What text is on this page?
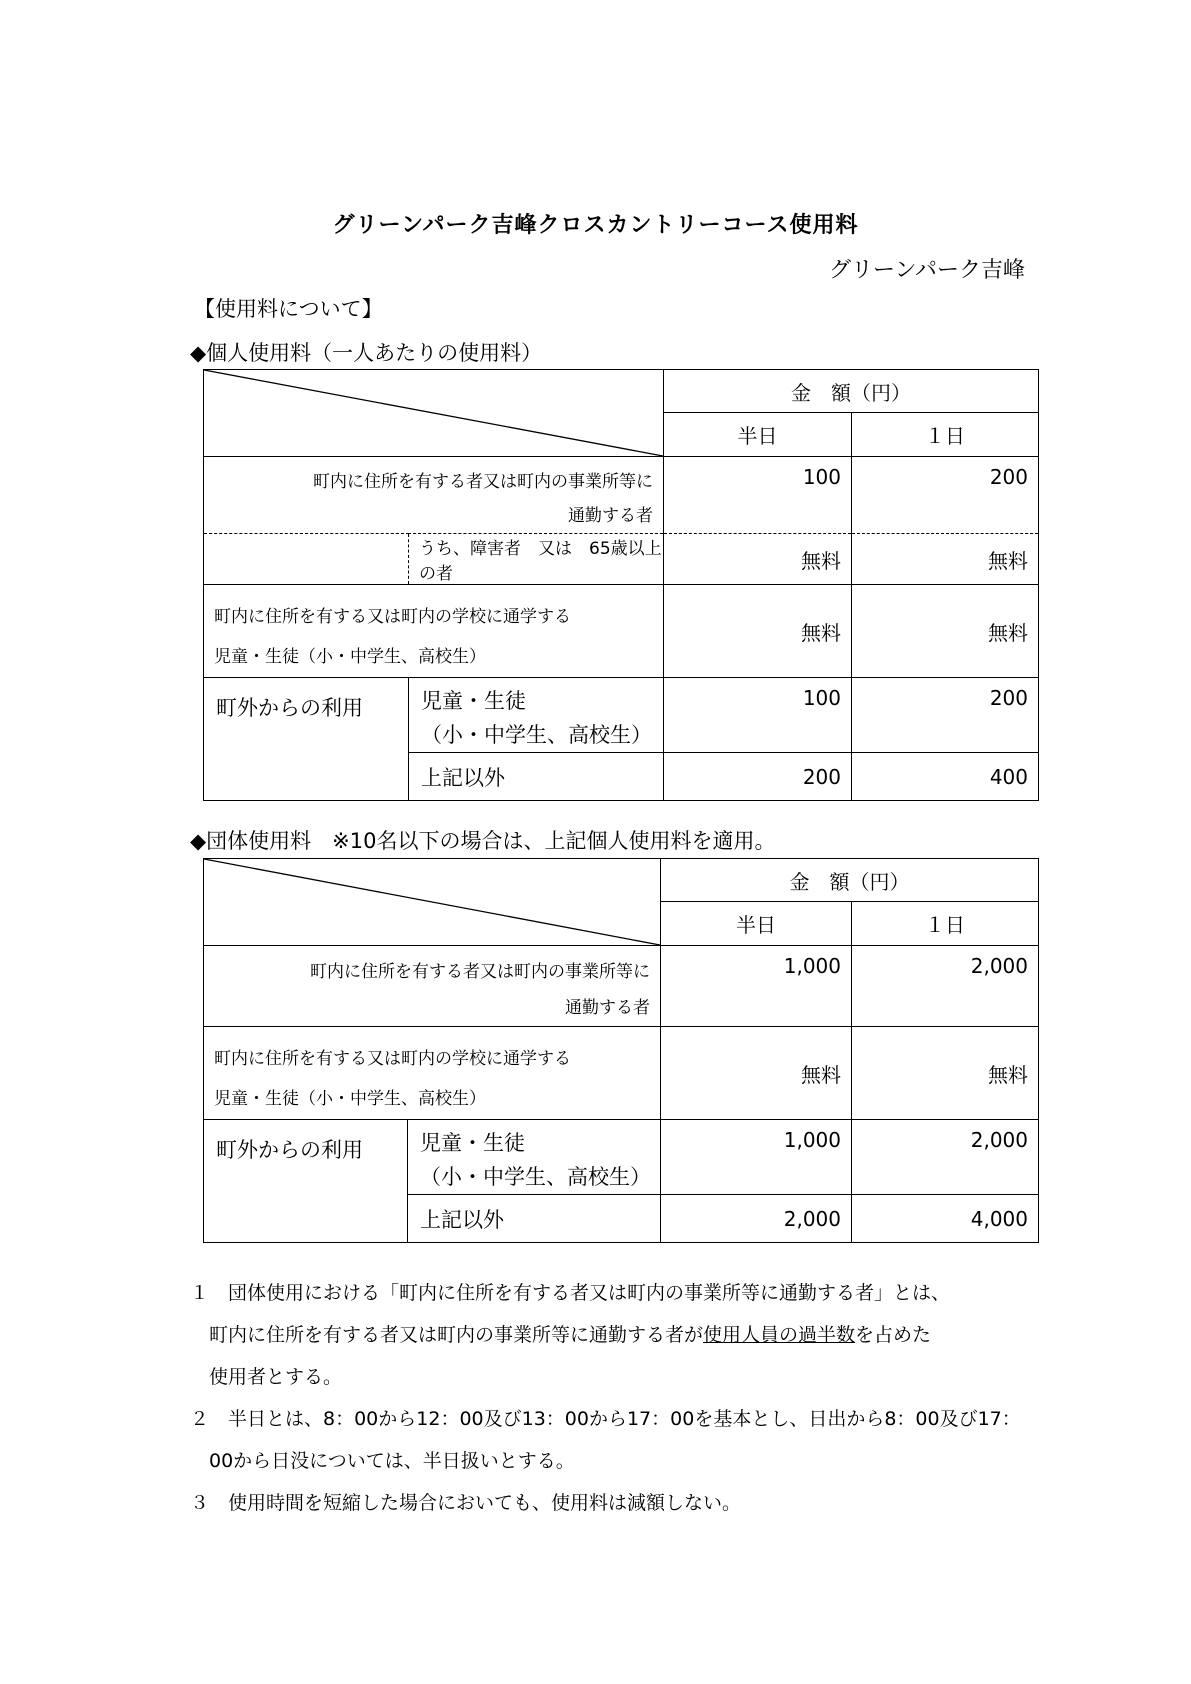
グリーンパーク吉峰クロスカントリーコース使用料
グリーンパーク吉峰
【使用料について】
◆個人使用料（一人あたりの使用料）
	金　額（円）	
		半日	１日

町内に住所を有する者又は町内の事業所等に
通勤する者		100	200
	うち、障害者　又は　65歳以上の者	無料	無料

町内に住所を有する又は町内の学校に通学する
児童・生徒（小・中学生、高校生）		無料	無料
町外からの利用	児童・生徒
（小・中学生、高校生）	100	200
	上記以外	200	400
◆団体使用料　※10名以下の場合は、上記個人使用料を適用。
	金　額（円）	
		半日	１日

町内に住所を有する者又は町内の事業所等に
通勤する者		1,000	2,000

町内に住所を有する又は町内の学校に通学する
児童・生徒（小・中学生、高校生）		無料	無料
町外からの利用	児童・生徒
（小・中学生、高校生）	1,000	2,000
	上記以外	2,000	4,000
１　団体使用における「町内に住所を有する者又は町内の事業所等に通勤する者」とは、
　町内に住所を有する者又は町内の事業所等に通勤する者が使用人員の過半数を占めた
　使用者とする。
２　半日とは、8：00から12：00及び13：00から17：00を基本とし、日出から8：00及び17：
　00から日没については、半日扱いとする。
３　使用時間を短縮した場合においても、使用料は減額しない。
